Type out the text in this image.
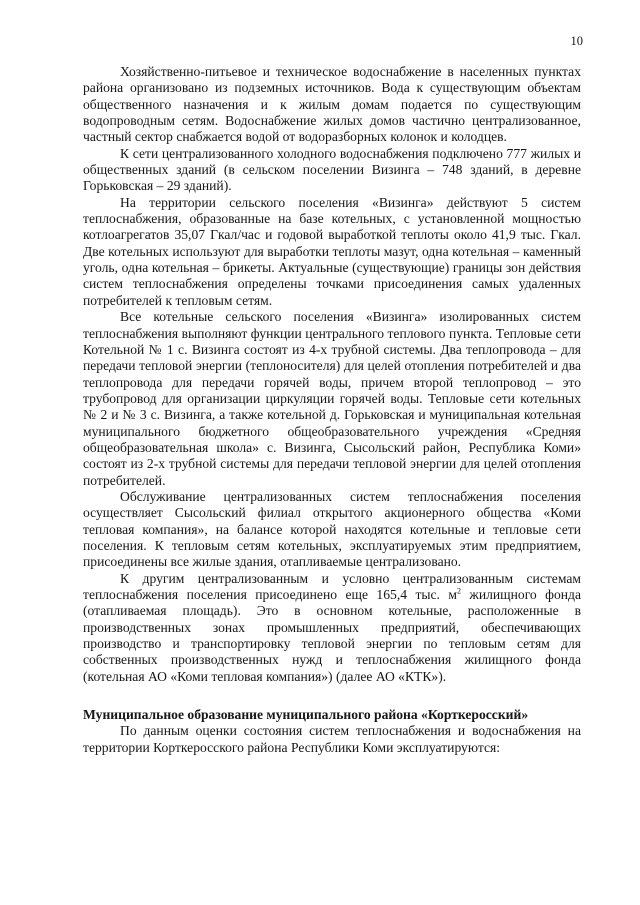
10

Хозяйственно-питьевое и техническое водоснабжение в населенных пунктах района организовано из подземных источников. Вода к существующим объектам общественного назначения и к жилым домам подается по существующим водопроводным сетям. Водоснабжение жилых домов частично централизованное, частный сектор снабжается водой от водоразборных колонок и колодцев.

К сети централизованного холодного водоснабжения подключено 777 жилых и общественных зданий (в сельском поселении Визинга – 748 зданий, в деревне Горьковская – 29 зданий).

На территории сельского поселения «Визинга» действуют 5 систем теплоснабжения, образованные на базе котельных, с установленной мощностью котлоагрегатов 35,07 Гкал/час и годовой выработкой теплоты около 41,9 тыс. Гкал. Две котельных используют для выработки теплоты мазут, одна котельная – каменный уголь, одна котельная – брикеты. Актуальные (существующие) границы зон действия систем теплоснабжения определены точками присоединения самых удаленных потребителей к тепловым сетям.

Все котельные сельского поселения «Визинга» изолированных систем теплоснабжения выполняют функции центрального теплового пункта. Тепловые сети Котельной № 1 с. Визинга состоят из 4-х трубной системы. Два теплопровода – для передачи тепловой энергии (теплоносителя) для целей отопления потребителей и два теплопровода для передачи горячей воды, причем второй теплопровод – это трубопровод для организации циркуляции горячей воды. Тепловые сети котельных № 2 и № 3 с. Визинга, а также котельной д. Горьковская и муниципальная котельная муниципального бюджетного общеобразовательного учреждения «Средняя общеобразовательная школа» с. Визинга, Сысольский район, Республика Коми» состоят из 2-х трубной системы для передачи тепловой энергии для целей отопления потребителей.

Обслуживание централизованных систем теплоснабжения поселения осуществляет Сысольский филиал открытого акционерного общества «Коми тепловая компания», на балансе которой находятся котельные и тепловые сети поселения. К тепловым сетям котельных, эксплуатируемых этим предприятием, присоединены все жилые здания, отапливаемые централизовано.

К другим централизованным и условно централизованным системам теплоснабжения поселения присоединено еще 165,4 тыс. $м^2$ жилищного фонда (отапливаемая площадь). Это в основном котельные, расположенные в производственных зонах промышленных предприятий, обеспечивающих производство и транспортировку тепловой энергии по тепловым сетям для собственных производственных нужд и теплоснабжения жилищного фонда (котельная АО «Коми тепловая компания») (далее АО «КТК»).

Муниципальное образование муниципального района «Корткеросский»

По данным оценки состояния систем теплоснабжения и водоснабжения на территории Корткеросского района Республики Коми эксплуатируются:
